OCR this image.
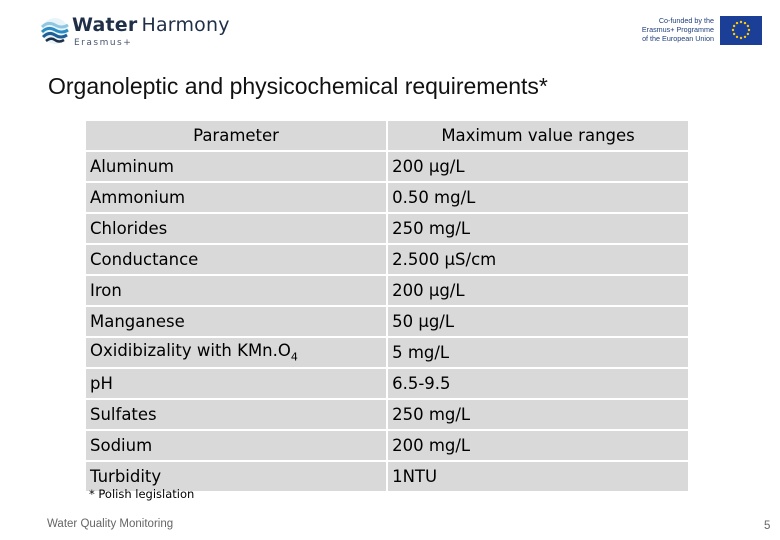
Water Harmony
Erasmus+
Co-funded by the
Erasmus+ Programme
of the European Union
Organoleptic and physicochemical requirements*
Parameter	Maximum value ranges
Aluminum	200 µg/L
Ammonium	0.50 mg/L
Chlorides	250 mg/L
Conductance	2.500 µS/cm
Iron	200 µg/L
Manganese	50 µg/L
Oxidibizality with $KMn.O_4$	5 mg/L
pH	6.5-9.5
Sulfates	250 mg/L
Sodium	200 mg/L
Turbidity	1NTU
* Polish legislation
Water Quality Monitoring	5
